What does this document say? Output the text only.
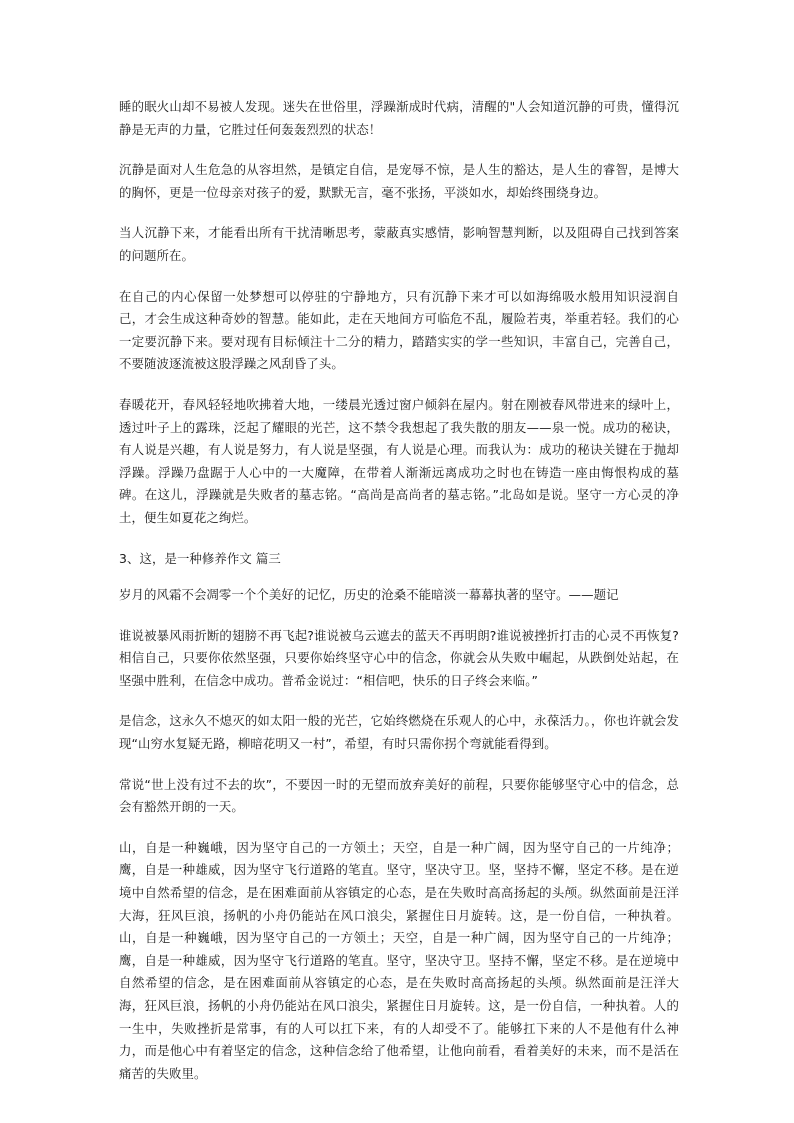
睡的眠火山却不易被人发现。迷失在世俗里，浮躁渐成时代病，清醒的"人会知道沉静的可贵，懂得沉静是无声的力量，它胜过任何轰轰烈烈的状态！

沉静是面对人生危急的从容坦然，是镇定自信，是宠辱不惊，是人生的豁达，是人生的睿智，是博大的胸怀，更是一位母亲对孩子的爱，默默无言，毫不张扬，平淡如水，却始终围绕身边。

当人沉静下来，才能看出所有干扰清晰思考，蒙蔽真实感情，影响智慧判断，以及阻碍自己找到答案的问题所在。

在自己的内心保留一处梦想可以停驻的宁静地方，只有沉静下来才可以如海绵吸水般用知识浸润自己，才会生成这种奇妙的智慧。能如此，走在天地间方可临危不乱，履险若夷，举重若轻。我们的心一定要沉静下来。要对现有目标倾注十二分的精力，踏踏实实的学一些知识，丰富自己，完善自己，不要随波逐流被这股浮躁之风刮昏了头。

春暖花开，春风轻轻地吹拂着大地，一缕晨光透过窗户倾斜在屋内。射在刚被春风带进来的绿叶上，透过叶子上的露珠，泛起了耀眼的光芒，这不禁令我想起了我失散的朋友——泉一悦。成功的秘诀，有人说是兴趣，有人说是努力，有人说是坚强，有人说是心理。而我认为：成功的秘诀关键在于抛却浮躁。浮躁乃盘踞于人心中的一大魔障，在带着人渐渐远离成功之时也在铸造一座由悔恨构成的墓碑。在这儿，浮躁就是失败者的墓志铭。“高尚是高尚者的墓志铭。”北岛如是说。坚守一方心灵的净土，便生如夏花之绚烂。

3、这，是一种修养作文 篇三

岁月的风霜不会凋零一个个美好的记忆，历史的沧桑不能暗淡一幕幕执著的坚守。——题记

谁说被暴风雨折断的翅膀不再飞起?谁说被乌云遮去的蓝天不再明朗?谁说被挫折打击的心灵不再恢复?相信自己，只要你依然坚强，只要你始终坚守心中的信念，你就会从失败中崛起，从跌倒处站起，在坚强中胜利，在信念中成功。普希金说过：“相信吧，快乐的日子终会来临。”

是信念，这永久不熄灭的如太阳一般的光芒，它始终燃烧在乐观人的心中，永葆活力。，你也许就会发现“山穷水复疑无路，柳暗花明又一村”，希望，有时只需你拐个弯就能看得到。

常说“世上没有过不去的坎”，不要因一时的无望而放弃美好的前程，只要你能够坚守心中的信念，总会有豁然开朗的一天。

山，自是一种巍峨，因为坚守自己的一方领土；天空，自是一种广阔，因为坚守自己的一片纯净；鹰，自是一种雄威，因为坚守飞行道路的笔直。坚守，坚决守卫。坚，坚持不懈，坚定不移。是在逆境中自然希望的信念，是在困难面前从容镇定的心态，是在失败时高高扬起的头颅。纵然面前是汪洋大海，狂风巨浪，扬帆的小舟仍能站在风口浪尖，紧握住日月旋转。这，是一份自信，一种执着。山，自是一种巍峨，因为坚守自己的一方领土；天空，自是一种广阔，因为坚守自己的一片纯净；鹰，自是一种雄威，因为坚守飞行道路的笔直。坚守，坚决守卫。坚持不懈，坚定不移。是在逆境中自然希望的信念，是在困难面前从容镇定的心态，是在失败时高高扬起的头颅。纵然面前是汪洋大海，狂风巨浪，扬帆的小舟仍能站在风口浪尖，紧握住日月旋转。这，是一份自信，一种执着。人的一生中，失败挫折是常事，有的人可以扛下来，有的人却受不了。能够扛下来的人不是他有什么神力，而是他心中有着坚定的信念，这种信念给了他希望，让他向前看，看着美好的未来，而不是活在痛苦的失败里。
